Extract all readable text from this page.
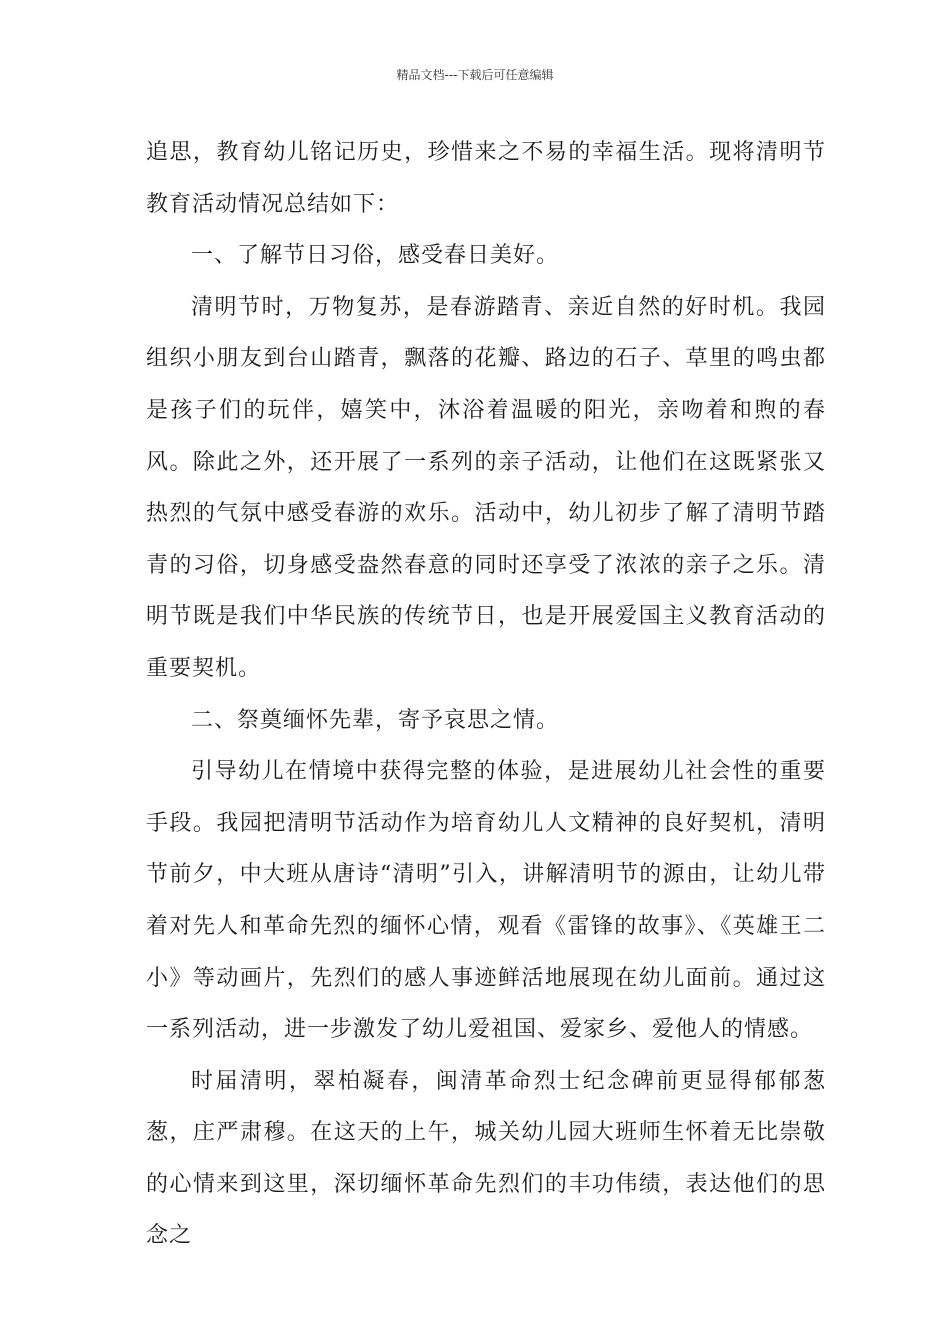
精品文档---下载后可任意编辑

追思，教育幼儿铭记历史，珍惜来之不易的幸福生活。现将清明节教育活动情况总结如下：

一、了解节日习俗，感受春日美好。

清明节时，万物复苏，是春游踏青、亲近自然的好时机。我园组织小朋友到台山踏青，飘落的花瓣、路边的石子、草里的鸣虫都是孩子们的玩伴，嬉笑中，沐浴着温暖的阳光，亲吻着和煦的春风。除此之外，还开展了一系列的亲子活动，让他们在这既紧张又热烈的气氛中感受春游的欢乐。活动中，幼儿初步了解了清明节踏青的习俗，切身感受盎然春意的同时还享受了浓浓的亲子之乐。清明节既是我们中华民族的传统节日，也是开展爱国主义教育活动的重要契机。

二、祭奠缅怀先辈，寄予哀思之情。

引导幼儿在情境中获得完整的体验，是进展幼儿社会性的重要手段。我园把清明节活动作为培育幼儿人文精神的良好契机，清明节前夕，中大班从唐诗“清明”引入，讲解清明节的源由，让幼儿带着对先人和革命先烈的缅怀心情，观看《雷锋的故事》、《英雄王二小》等动画片，先烈们的感人事迹鲜活地展现在幼儿面前。通过这一系列活动，进一步激发了幼儿爱祖国、爱家乡、爱他人的情感。

时届清明，翠柏凝春，闽清革命烈士纪念碑前更显得郁郁葱葱，庄严肃穆。在这天的上午，城关幼儿园大班师生怀着无比崇敬的心情来到这里，深切缅怀革命先烈们的丰功伟绩，表达他们的思念之
